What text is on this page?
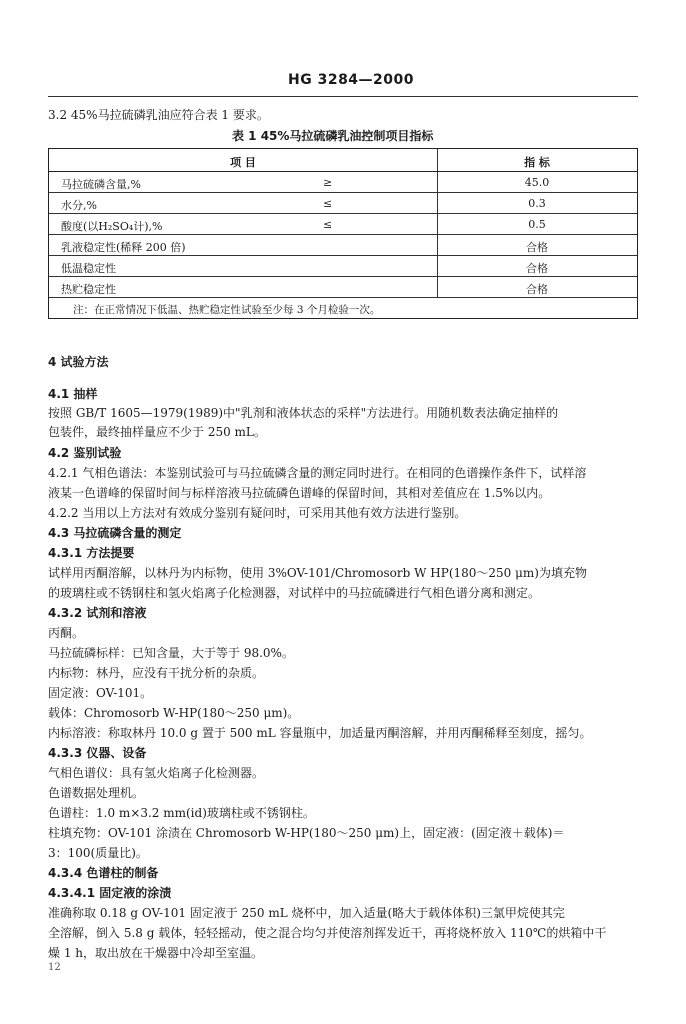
HG 3284—2000
3.2 45%马拉硫磷乳油应符合表 1 要求。
表 1 45%马拉硫磷乳油控制项目指标
项 目	指 标
马拉硫磷含量,%	≥	45.0
水分,%	≤	0.3
酸度(以H₂SO₄计),%	≤	0.5
乳液稳定性(稀释 200 倍)	合格
低温稳定性	合格
热贮稳定性	合格
注：在正常情况下低温、热贮稳定性试验至少每 3 个月检验一次。
4 试验方法
4.1 抽样
按照 GB/T 1605—1979(1989)中"乳剂和液体状态的采样"方法进行。用随机数表法确定抽样的
包装件，最终抽样量应不少于 250 mL。
4.2 鉴别试验
4.2.1 气相色谱法：本鉴别试验可与马拉硫磷含量的测定同时进行。在相同的色谱操作条件下，试样溶
液某一色谱峰的保留时间与标样溶液马拉硫磷色谱峰的保留时间，其相对差值应在 1.5%以内。
4.2.2 当用以上方法对有效成分鉴别有疑问时，可采用其他有效方法进行鉴别。
4.3 马拉硫磷含量的测定
4.3.1 方法提要
试样用丙酮溶解，以林丹为内标物，使用 3%OV-101/Chromosorb W HP(180～250 μm)为填充物
的玻璃柱或不锈钢柱和氢火焰离子化检测器，对试样中的马拉硫磷进行气相色谱分离和测定。
4.3.2 试剂和溶液
丙酮。
马拉硫磷标样：已知含量，大于等于 98.0%。
内标物：林丹，应没有干扰分析的杂质。
固定液：OV-101。
载体：Chromosorb W-HP(180～250 μm)。
内标溶液：称取林丹 10.0 g 置于 500 mL 容量瓶中，加适量丙酮溶解，并用丙酮稀释至刻度，摇匀。
4.3.3 仪器、设备
气相色谱仪：具有氢火焰离子化检测器。
色谱数据处理机。
色谱柱：1.0 m×3.2 mm(id)玻璃柱或不锈钢柱。
柱填充物：OV-101 涂渍在 Chromosorb W-HP(180～250 μm)上，固定液：(固定液＋载体)＝
3：100(质量比)。
4.3.4 色谱柱的制备
4.3.4.1 固定液的涂渍
准确称取 0.18 g OV-101 固定液于 250 mL 烧杯中，加入适量(略大于载体体积)三氯甲烷使其完
全溶解，倒入 5.8 g 载体，轻轻摇动，使之混合均匀并使溶剂挥发近干，再将烧杯放入 110℃的烘箱中干
燥 1 h，取出放在干燥器中冷却至室温。
12
